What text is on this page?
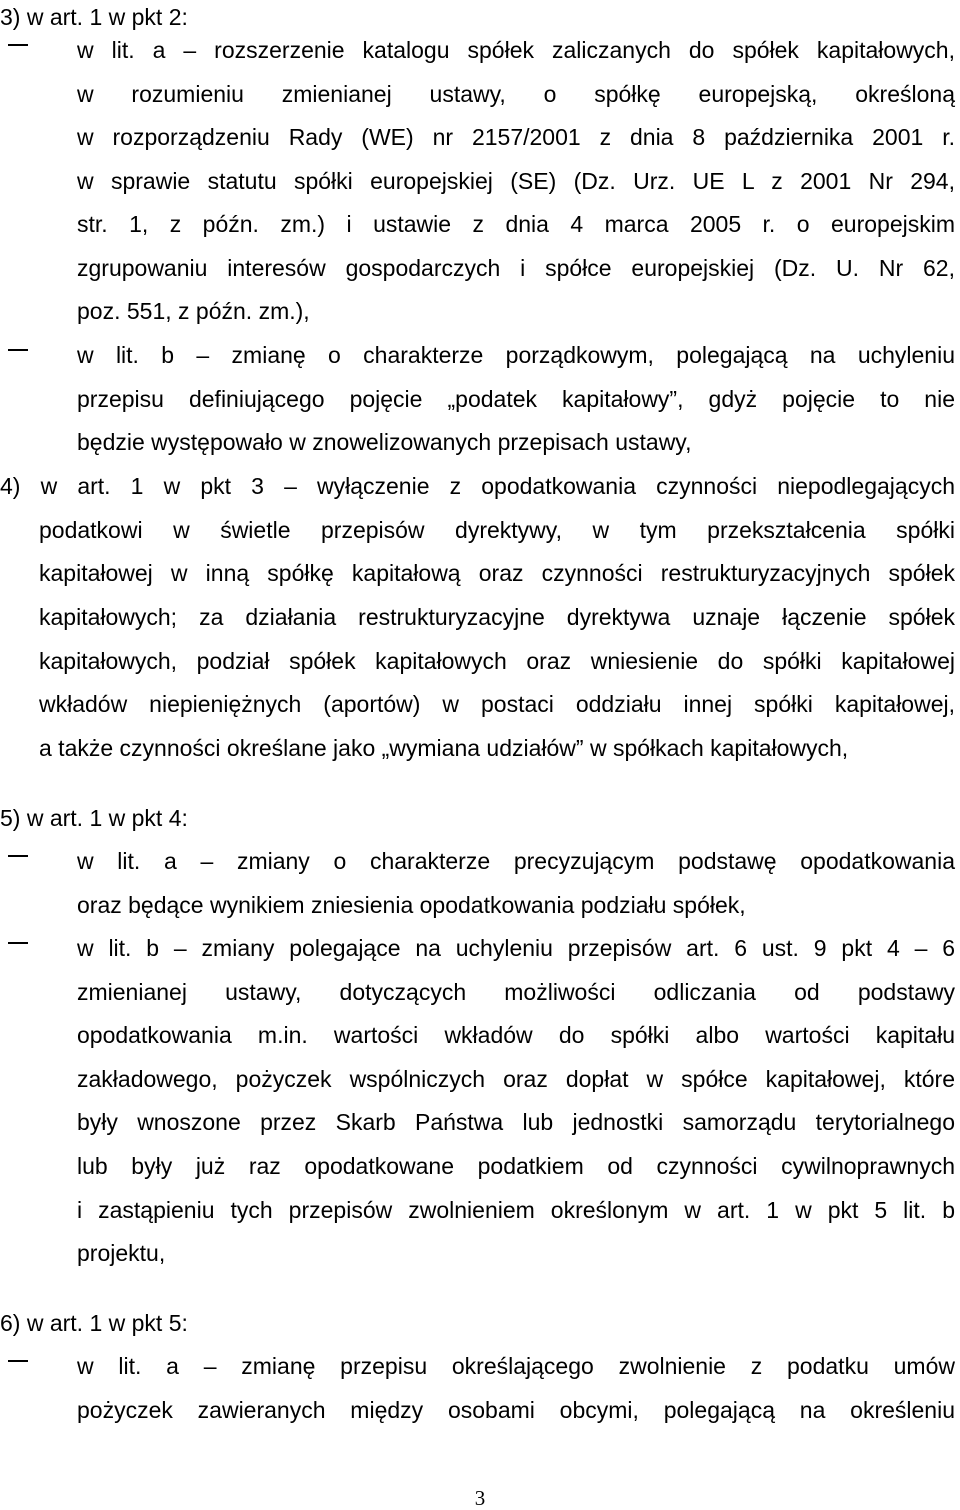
3) w art. 1 w pkt 2:
w lit. a – rozszerzenie katalogu spółek zaliczanych do spółek kapitałowych,
w rozumieniu zmienianej ustawy, o spółkę europejską, określoną
w rozporządzeniu Rady (WE) nr 2157/2001 z dnia 8 października 2001 r.
w sprawie statutu spółki europejskiej (SE) (Dz. Urz. UE L z 2001 Nr 294,
str. 1, z późn. zm.) i ustawie z dnia 4 marca 2005 r. o europejskim
zgrupowaniu interesów gospodarczych i spółce europejskiej (Dz. U. Nr 62,
poz. 551, z późn. zm.),
w lit. b – zmianę o charakterze porządkowym, polegającą na uchyleniu
przepisu definiującego pojęcie „podatek kapitałowy”, gdyż pojęcie to nie
będzie występowało w znowelizowanych przepisach ustawy,
4) w art. 1 w pkt 3 – wyłączenie z opodatkowania czynności niepodlegających
podatkowi w świetle przepisów dyrektywy, w tym przekształcenia spółki
kapitałowej w inną spółkę kapitałową oraz czynności restrukturyzacyjnych spółek
kapitałowych; za działania restrukturyzacyjne dyrektywa uznaje łączenie spółek
kapitałowych, podział spółek kapitałowych oraz wniesienie do spółki kapitałowej
wkładów niepieniężnych (aportów) w postaci oddziału innej spółki kapitałowej,
a także czynności określane jako „wymiana udziałów” w spółkach kapitałowych,
5) w art. 1 w pkt 4:
w lit. a – zmiany o charakterze precyzującym podstawę opodatkowania
oraz będące wynikiem zniesienia opodatkowania podziału spółek,
w lit. b – zmiany polegające na uchyleniu przepisów art. 6 ust. 9 pkt 4 – 6
zmienianej ustawy, dotyczących możliwości odliczania od podstawy
opodatkowania m.in. wartości wkładów do spółki albo wartości kapitału
zakładowego, pożyczek wspólniczych oraz dopłat w spółce kapitałowej, które
były wnoszone przez Skarb Państwa lub jednostki samorządu terytorialnego
lub były już raz opodatkowane podatkiem od czynności cywilnoprawnych
i zastąpieniu tych przepisów zwolnieniem określonym w art. 1 w pkt 5 lit. b
projektu,
6) w art. 1 w pkt 5:
w lit. a – zmianę przepisu określającego zwolnienie z podatku umów
pożyczek zawieranych między osobami obcymi, polegającą na określeniu
3
